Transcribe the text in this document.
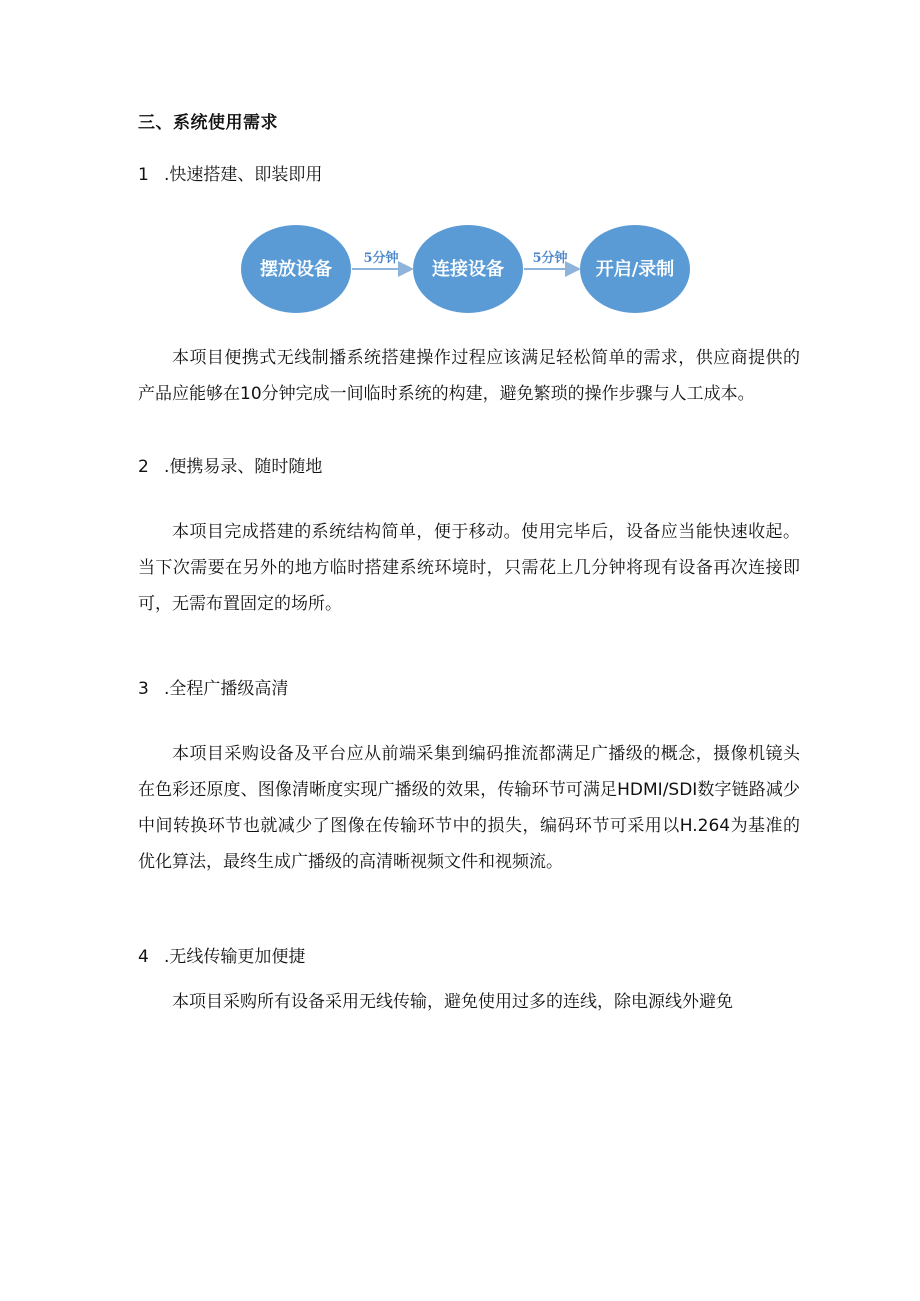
三、系统使用需求
1 .快速搭建、即装即用
5分钟	5分钟
摆放设备	连接设备	开启/录制
本项目便携式无线制播系统搭建操作过程应该满足轻松简单的需求，供应商提供的产品应能够在10分钟完成一间临时系统的构建，避免繁琐的操作步骤与人工成本。
2 .便携易录、随时随地
本项目完成搭建的系统结构简单，便于移动。使用完毕后，设备应当能快速收起。当下次需要在另外的地方临时搭建系统环境时，只需花上几分钟将现有设备再次连接即可，无需布置固定的场所。
3 .全程广播级高清
本项目采购设备及平台应从前端采集到编码推流都满足广播级的概念，摄像机镜头在色彩还原度、图像清晰度实现广播级的效果，传输环节可满足HDMI/SDI数字链路减少中间转换环节也就减少了图像在传输环节中的损失，编码环节可采用以H.264为基准的优化算法，最终生成广播级的高清晰视频文件和视频流。
4 .无线传输更加便捷
本项目采购所有设备采用无线传输，避免使用过多的连线，除电源线外避免
